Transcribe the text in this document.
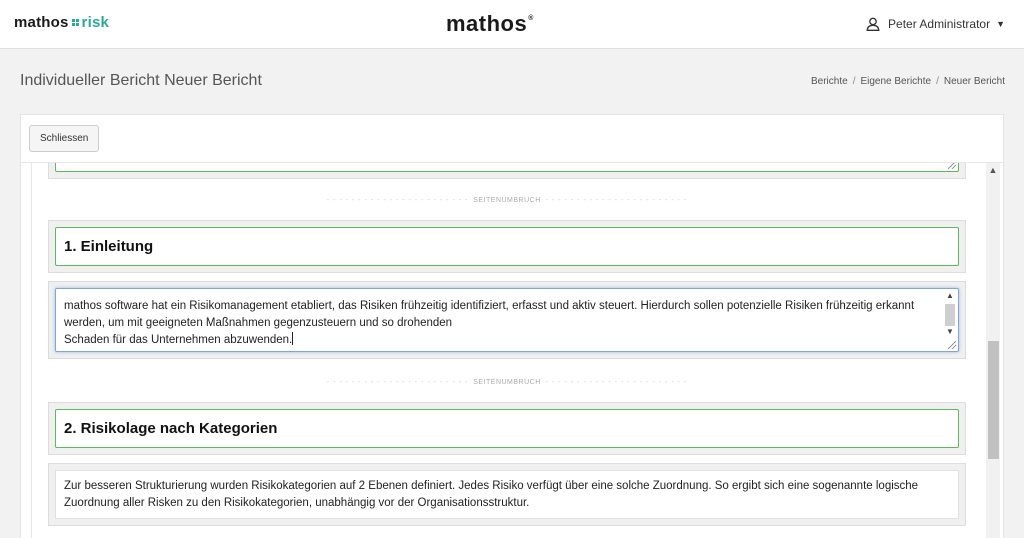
mathos risk	mathos®	Peter Administrator ▼
Individueller Bericht Neuer Bericht	Berichte / Eigene Berichte / Neuer Bericht
Schliessen
- - - - - - - - - - - - - - - - - - - - - - - SEITENUMBRUCH - - - - - - - - - - - - - - - - - - - - - - -
1. Einleitung
mathos software hat ein Risikomanagement etabliert, das Risiken frühzeitig identifiziert, erfasst und aktiv steuert. Hierdurch sollen potenzielle Risiken frühzeitig erkannt
werden, um mit geeigneten Maßnahmen gegenzusteuern und so drohenden
Schaden für das Unternehmen abzuwenden.
▲
▼
- - - - - - - - - - - - - - - - - - - - - - - SEITENUMBRUCH - - - - - - - - - - - - - - - - - - - - - - -
2. Risikolage nach Kategorien
Zur besseren Strukturierung wurden Risikokategorien auf 2 Ebenen definiert. Jedes Risiko verfügt über eine solche Zuordnung. So ergibt sich eine sogenannte logische
Zuordnung aller Risken zu den Risikokategorien, unabhängig vor der Organisationsstruktur.
▲
